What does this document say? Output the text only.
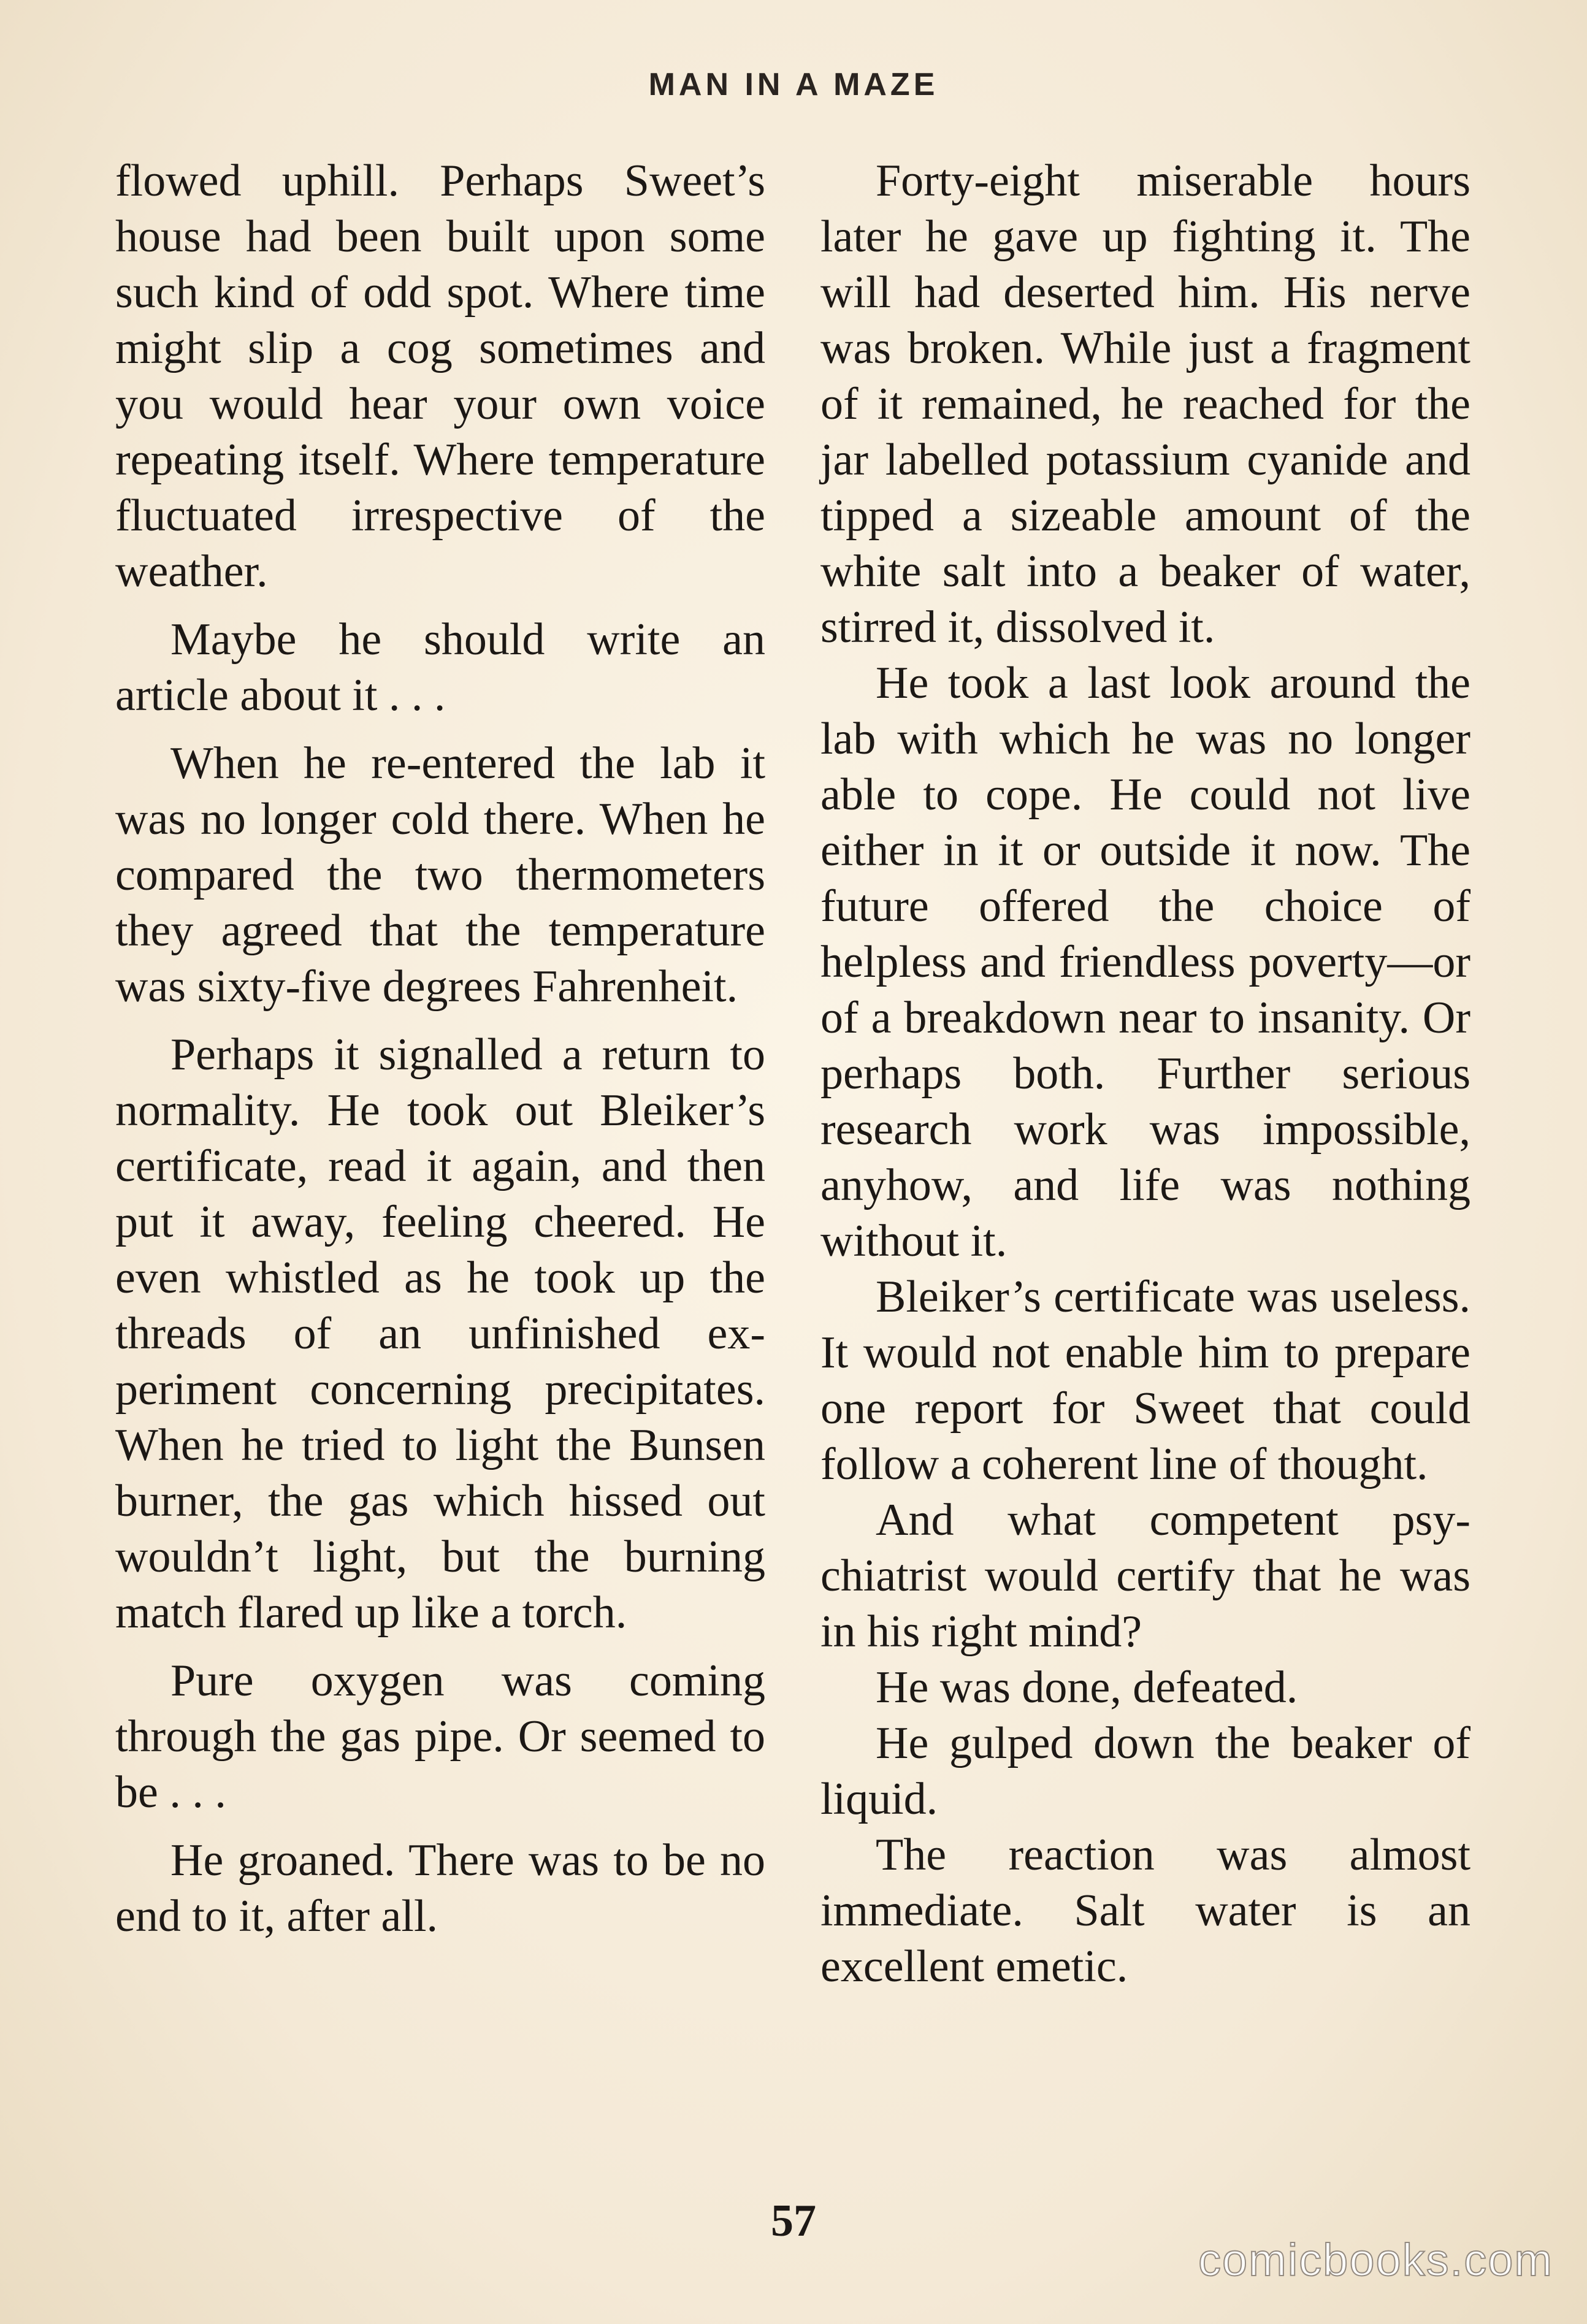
MAN IN A MAZE

flowed uphill. Perhaps Sweet’s house had been built upon some such kind of odd spot. Where time might slip a cog sometimes and you would hear your own voice repeating itself. Where temperature fluctuated irrespective of the weather.

Maybe he should write an article about it . . .

When he re-entered the lab it was no longer cold there. When he compared the two thermometers they agreed that the temperature was sixty-five degrees Fahrenheit.

Perhaps it signalled a return to normality. He took out Bleiker’s certificate, read it again, and then put it away, feeling cheered. He even whistled as he took up the threads of an unfinished experiment concerning precipitates. When he tried to light the Bunsen burner, the gas which hissed out wouldn’t light, but the burning match flared up like a torch.

Pure oxygen was coming through the gas pipe. Or seemed to be . . .

He groaned. There was to be no end to it, after all.

Forty-eight miserable hours later he gave up fighting it. The will had deserted him. His nerve was broken. While just a fragment of it remained, he reached for the jar labelled potassium cyanide and tipped a sizeable amount of the white salt into a beaker of water, stirred it, dissolved it.

He took a last look around the lab with which he was no longer able to cope. He could not live either in it or outside it now. The future offered the choice of helpless and friendless poverty—or of a breakdown near to insanity. Or perhaps both. Further serious research work was impossible, anyhow, and life was nothing without it.

Bleiker’s certificate was useless. It would not enable him to prepare one report for Sweet that could follow a coherent line of thought.

And what competent psychiatrist would certify that he was in his right mind?

He was done, defeated.

He gulped down the beaker of liquid.

The reaction was almost immediate. Salt water is an excellent emetic.

57
comicbooks.com
